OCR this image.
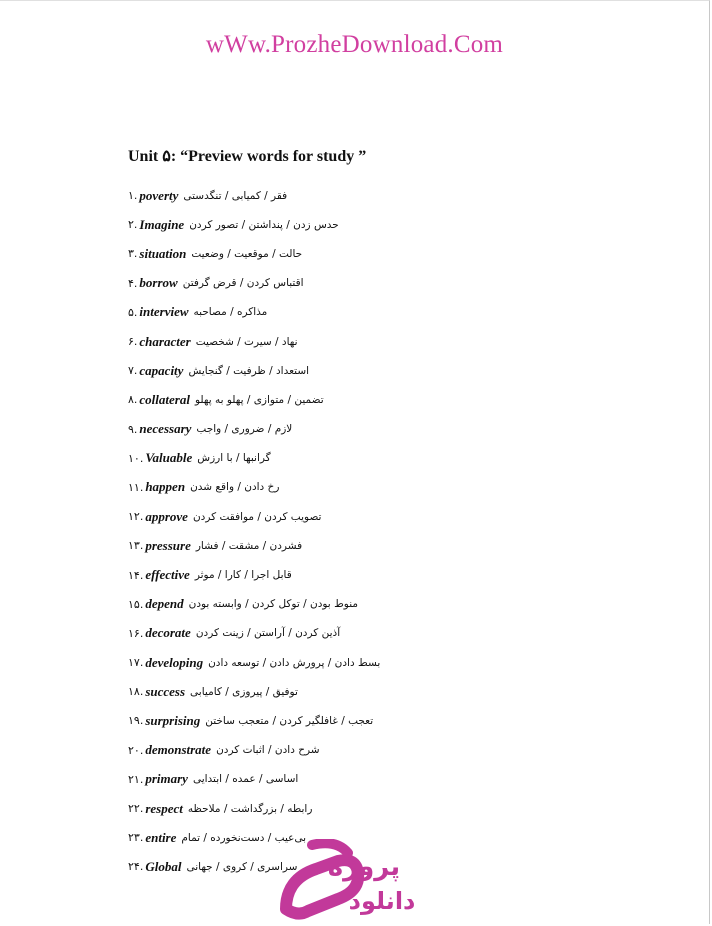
wWw.ProzheDownload.Com
Unit ۵: “Preview words for study ”
۱. poverty فقر / کمیابی / تنگدستی
۲. Imagine حدس زدن / پنداشتن / تصور کردن
۳. situation حالت / موقعیت / وضعیت
۴. borrow اقتباس کردن / قرض گرفتن
۵. interview مذاکره / مصاحبه
۶. character نهاد / سیرت / شخصیت
۷. capacity استعداد / ظرفیت / گنجایش
۸. collateral تضمین / متوازی / پهلو به پهلو
۹. necessary لازم / ضروری / واجب
۱۰. Valuable گرانبها / با ارزش
۱۱. happen رخ دادن / واقع شدن
۱۲. approve تصویب کردن / موافقت کردن
۱۳. pressure فشردن / مشقت / فشار
۱۴. effective قابل اجرا / کارا / موثر
۱۵. depend منوط بودن / توکل کردن / وابسته بودن
۱۶. decorate آذین کردن / آراستن / زینت کردن
۱۷. developing بسط دادن / پرورش دادن / توسعه دادن
۱۸. success توفیق / پیروزی / کامیابی
۱۹. surprising تعجب / غافلگیر کردن / متعجب ساختن
۲۰. demonstrate شرح دادن / اثبات کردن
۲۱. primary اساسی / عمده / ابتدایی
۲۲. respect رابطه / بزرگداشت / ملاحظه
۲۳. entire بی‌عیب / دست‌نخورده / تمام
۲۴. Global سراسری / کروی / جهانی پروژه
دانلود
